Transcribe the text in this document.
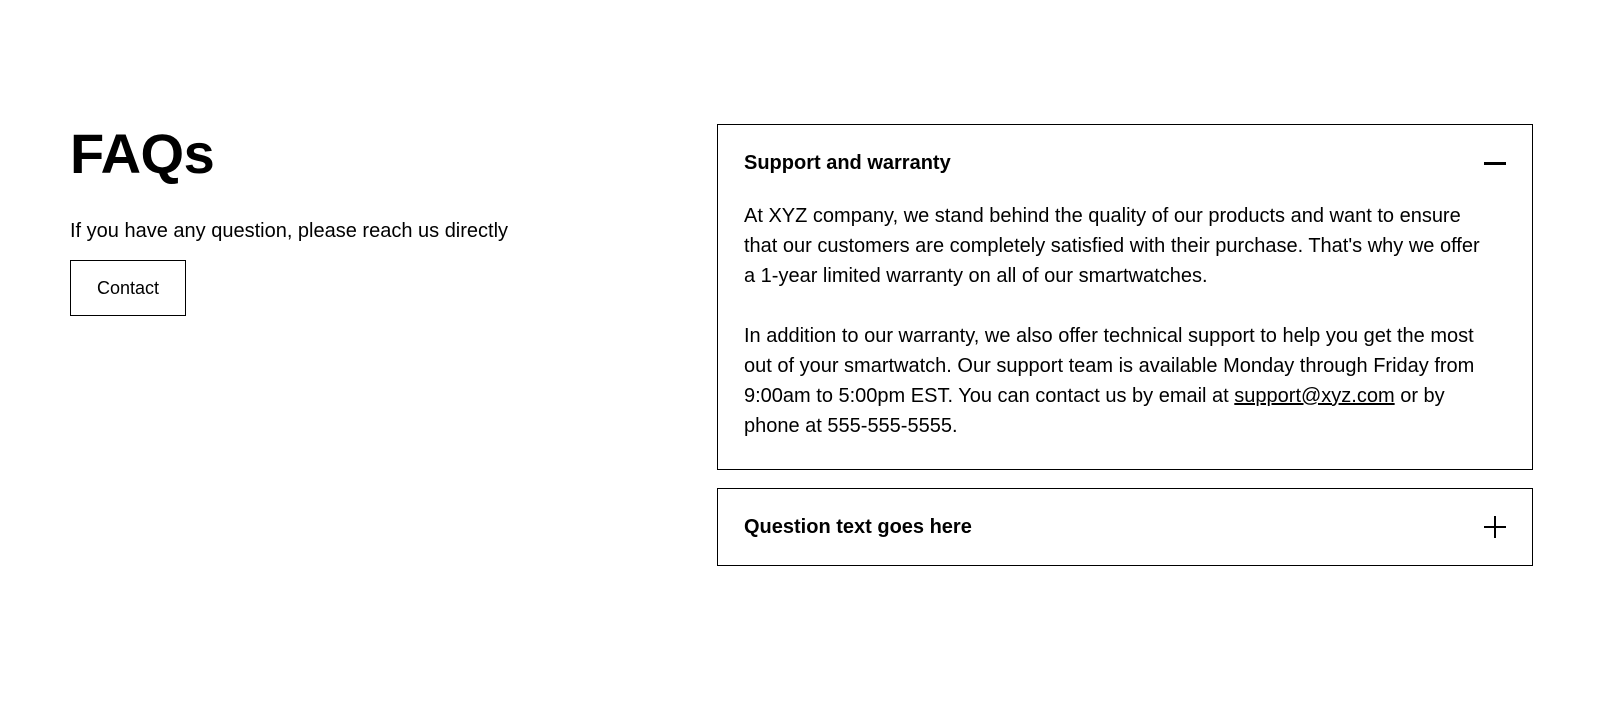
FAQs

If you have any question, please reach us directly

Contact
Support and warranty

At XYZ company, we stand behind the quality of our products and want to ensure that our customers are completely satisfied with their purchase. That's why we offer a 1-year limited warranty on all of our smartwatches.

In addition to our warranty, we also offer technical support to help you get the most out of your smartwatch. Our support team is available Monday through Friday from 9:00am to 5:00pm EST. You can contact us by email at support@xyz.com or by phone at 555-555-5555.

Question text goes here
